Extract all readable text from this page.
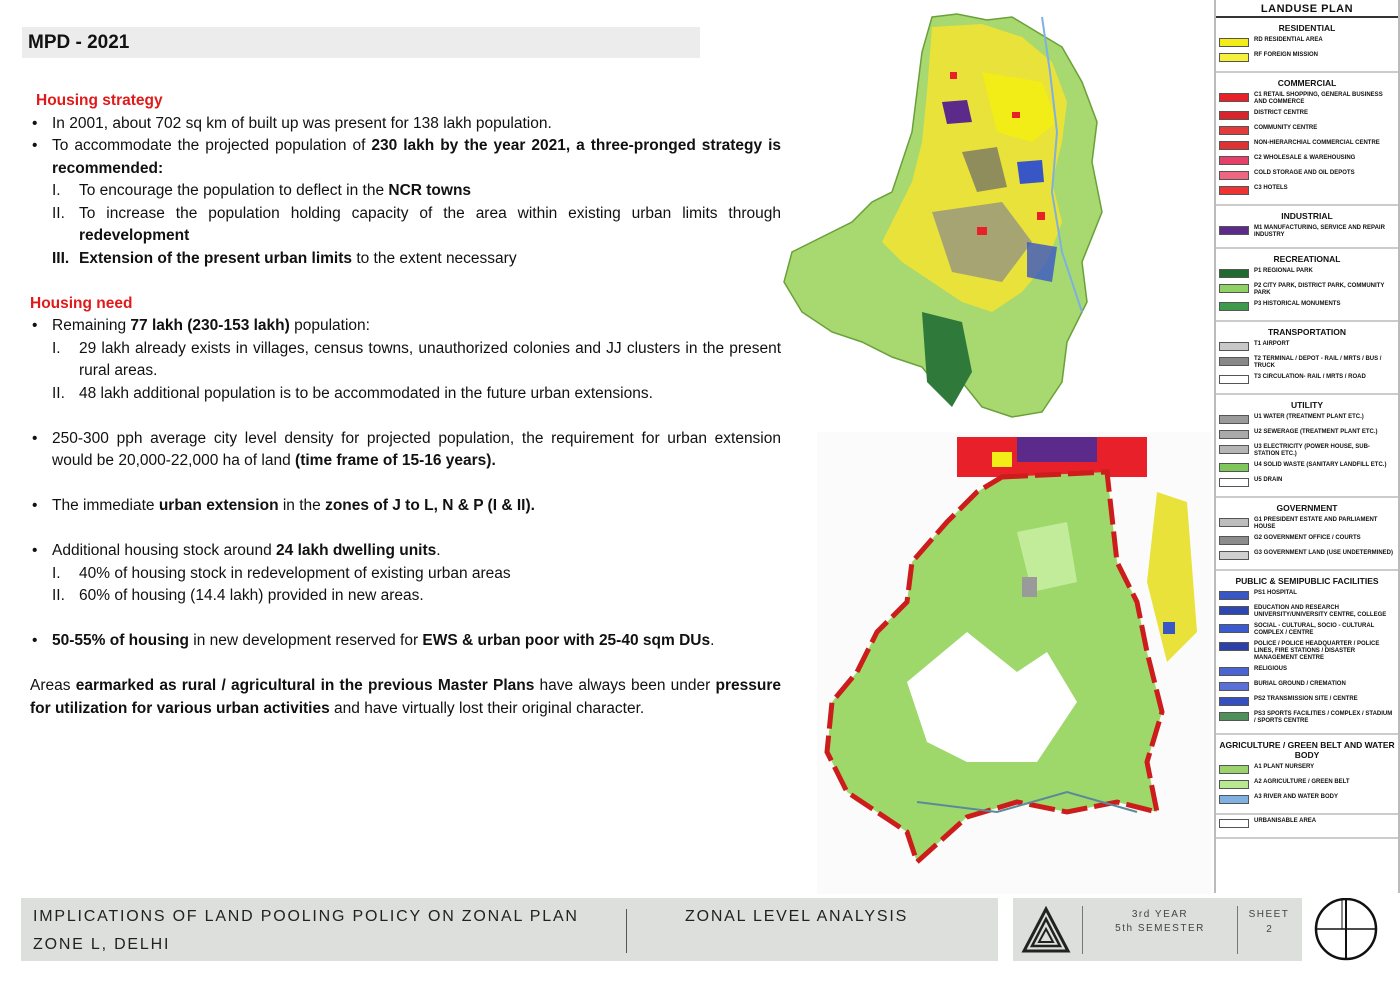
MPD - 2021
Housing strategy
• In 2001, about 702 sq km of built up was present for 138 lakh population.
• To accommodate the projected population of 230 lakh by the year 2021, a three-pronged strategy is recommended:
I. To encourage the population to deflect in the NCR towns
II. To increase the population holding capacity of the area within existing urban limits through redevelopment
III. Extension of the present urban limits to the extent necessary
Housing need
• Remaining 77 lakh (230-153 lakh) population:
I. 29 lakh already exists in villages, census towns, unauthorized colonies and JJ clusters in the present rural areas.
II. 48 lakh additional population is to be accommodated in the future urban extensions.
• 250-300 pph average city level density for projected population, the requirement for urban extension would be 20,000-22,000 ha of land (time frame of 15-16 years).
• The immediate urban extension in the zones of J to L, N & P (I & II).
• Additional housing stock around 24 lakh dwelling units.
I. 40% of housing stock in redevelopment of existing urban areas
II. 60% of housing (14.4 lakh) provided in new areas.
• 50-55% of housing in new development reserved for EWS & urban poor with 25-40 sqm DUs.
Areas earmarked as rural / agricultural in the previous Master Plans have always been under pressure for utilization for various urban activities and have virtually lost their original character.
LANDUSE PLAN
RESIDENTIAL
RD RESIDENTIAL AREA
RF FOREIGN MISSION
COMMERCIAL
C1 RETAIL SHOPPING, GENERAL BUSINESS AND COMMERCE
DISTRICT CENTRE
COMMUNITY CENTRE
NON-HIERARCHIAL COMMERCIAL CENTRE
C2 WHOLESALE & WAREHOUSING
COLD STORAGE AND OIL DEPOTS
C3 HOTELS
INDUSTRIAL
M1 MANUFACTURING, SERVICE AND REPAIR INDUSTRY
RECREATIONAL
P1 REGIONAL PARK
P2 CITY PARK, DISTRICT PARK, COMMUNITY PARK
P3 HISTORICAL MONUMENTS
TRANSPORTATION
T1 AIRPORT
T2 TERMINAL / DEPOT - RAIL / MRTS / BUS / TRUCK
T3 CIRCULATION- RAIL / MRTS / ROAD
UTILITY
U1 WATER (TREATMENT PLANT ETC.)
U2 SEWERAGE (TREATMENT PLANT ETC.)
U3 ELECTRICITY (POWER HOUSE, SUB-STATION ETC.)
U4 SOLID WASTE (SANITARY LANDFILL ETC.)
U5 DRAIN
GOVERNMENT
G1 PRESIDENT ESTATE AND PARLIAMENT HOUSE
G2 GOVERNMENT OFFICE / COURTS
G3 GOVERNMENT LAND (USE UNDETERMINED)
PUBLIC & SEMIPUBLIC FACILITIES
PS1 HOSPITAL
EDUCATION AND RESEARCH UNIVERSITY/UNIVERSITY CENTRE, COLLEGE
SOCIAL - CULTURAL, SOCIO - CULTURAL COMPLEX / CENTRE
POLICE / POLICE HEADQUARTER / POLICE LINES, FIRE STATIONS / DISASTER MANAGEMENT CENTRE
RELIGIOUS
BURIAL GROUND / CREMATION
PS2 TRANSMISSION SITE / CENTRE
PS3 SPORTS FACILITIES / COMPLEX / STADIUM / SPORTS CENTRE
AGRICULTURE / GREEN BELT AND WATER BODY
A1 PLANT NURSERY
A2 AGRICULTURE / GREEN BELT
A3 RIVER AND WATER BODY
URBANISABLE AREA
IMPLICATIONS OF LAND POOLING POLICY ON ZONAL PLAN
ZONE L, DELHI
ZONAL LEVEL ANALYSIS	3rd YEAR
5th SEMESTER
SHEET
2
